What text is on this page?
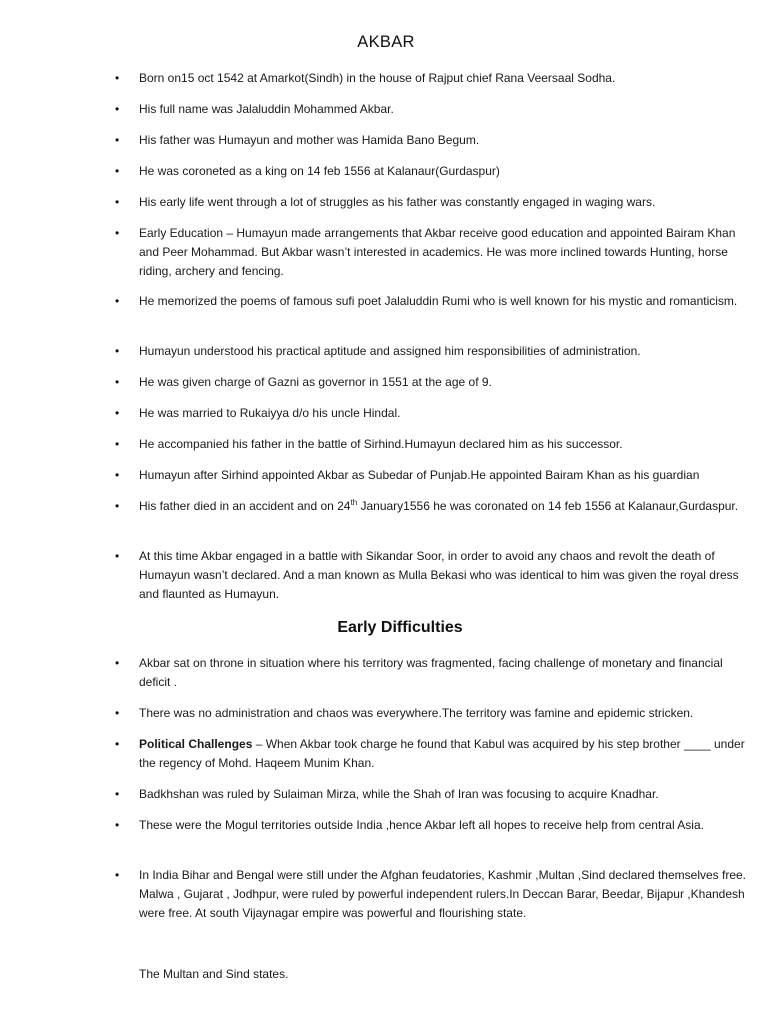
AKBAR
• Born on15 oct 1542 at Amarkot(Sindh) in the house of Rajput chief Rana Veersaal Sodha.
• His full name was Jalaluddin Mohammed Akbar.
• His father was Humayun and mother was Hamida Bano Begum.
• He was coroneted as a king on 14 feb 1556 at Kalanaur(Gurdaspur)
• His early life went through a lot of struggles as his father was constantly engaged in waging wars.
• Early Education – Humayun made arrangements that Akbar receive good education and appointed Bairam Khan and Peer Mohammad. But Akbar wasn’t interested in academics. He was more inclined towards Hunting, horse riding, archery and fencing.
• He memorized the poems of famous sufi poet Jalaluddin Rumi who is well known for his mystic and romanticism.
• Humayun understood his practical aptitude and assigned him responsibilities of administration.
• He was given charge of Gazni as governor in 1551 at the age of 9.
• He was married to Rukaiyya d/o his uncle Hindal.
• He accompanied his father in the battle of Sirhind.Humayun declared him as his successor.
• Humayun after Sirhind appointed Akbar as Subedar of Punjab.He appointed Bairam Khan as his guardian
• His father died in an accident and on 24th January1556 he was coronated on 14 feb 1556 at Kalanaur,Gurdaspur.
• At this time Akbar engaged in a battle with Sikandar Soor, in order to avoid any chaos and revolt the death of Humayun wasn’t declared. And a man known as Mulla Bekasi who was identical to him was given the royal dress and flaunted as Humayun.
Early Difficulties
• Akbar sat on throne in situation where his territory was fragmented, facing challenge of monetary and financial deficit .
• There was no administration and chaos was everywhere.The territory was famine and epidemic stricken.
• Political Challenges – When Akbar took charge he found that Kabul was acquired by his step brother ____ under the regency of Mohd. Haqeem Munim Khan.
• Badkhshan was ruled by Sulaiman Mirza, while the Shah of Iran was focusing to acquire Knadhar.
• These were the Mogul territories outside India ,hence Akbar left all hopes to receive help from central Asia.
• In India Bihar and Bengal were still under the Afghan feudatories, Kashmir ,Multan ,Sind declared themselves free. Malwa , Gujarat , Jodhpur, were ruled by powerful independent rulers.In Deccan Barar, Beedar, Bijapur ,Khandesh were free. At south Vijaynagar empire was powerful and flourishing state.
The Multan and Sind states.
